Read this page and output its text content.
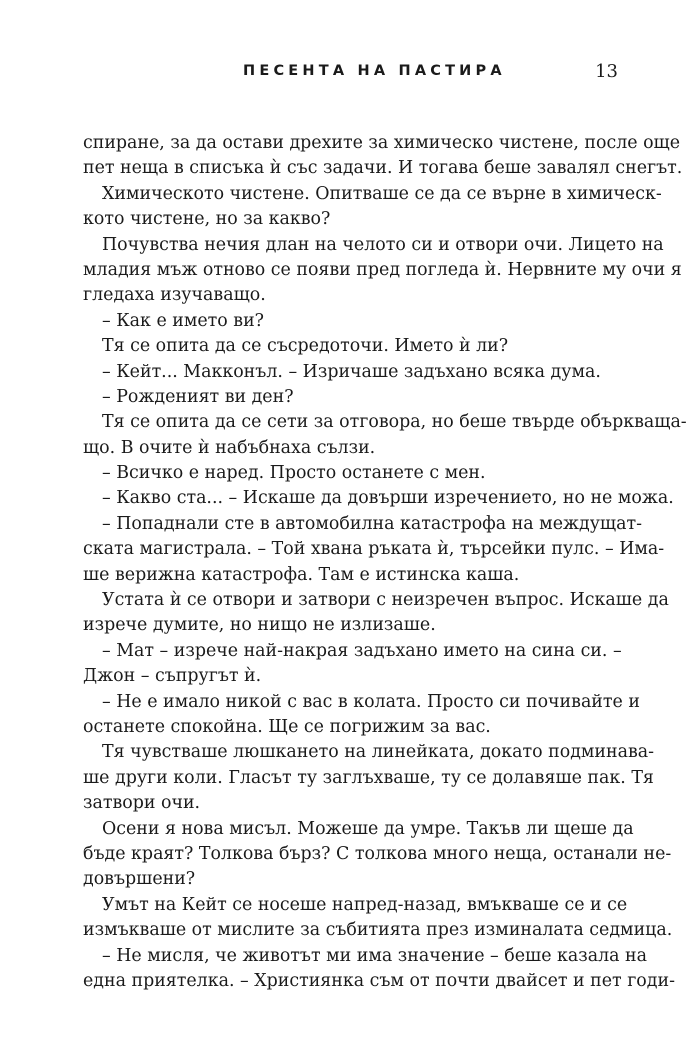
ПЕСЕНТА НА ПАСТИРА	13
спиране, за да остави дрехите за химическо чистене, после още
пет неща в списъка ѝ със задачи. И тогава беше завалял снегът.
Химическото чистене. Опитваше се да се върне в химическ-
кото чистене, но за какво?
Почувства нечия длан на челото си и отвори очи. Лицето на
младия мъж отново се появи пред погледа ѝ. Нервните му очи я
гледаха изучаващо.
– Как е името ви?
Тя се опита да се съсредоточи. Името ѝ ли?
– Кейт... Макконъл. – Изричаше задъхано всяка дума.
– Рожденият ви ден?
Тя се опита да се сети за отговора, но беше твърде объркваща-
що. В очите ѝ набъбнаха сълзи.
– Всичко е наред. Просто останете с мен.
– Какво ста... – Искаше да довърши изречението, но не можа.
– Попаднали сте в автомобилна катастрофа на междущат-
ската магистрала. – Той хвана ръката ѝ, търсейки пулс. – Има-
ше верижна катастрофа. Там е истинска каша.
Устата ѝ се отвори и затвори с неизречен въпрос. Искаше да
изрече думите, но нищо не излизаше.
– Мат – изрече най-накрая задъхано името на сина си. –
Джон – съпругът ѝ.
– Не е имало никой с вас в колата. Просто си почивайте и
останете спокойна. Ще се погрижим за вас.
Тя чувстваше люшкането на линейката, докато подминава-
ше други коли. Гласът ту заглъхваше, ту се долавяше пак. Тя
затвори очи.
Осени я нова мисъл. Можеше да умре. Такъв ли щеше да
бъде краят? Толкова бърз? С толкова много неща, останали не-
довършени?
Умът на Кейт се носеше напред-назад, вмъкваше се и се
измъкваше от мислите за събитията през изминалата седмица.
– Не мисля, че животът ми има значение – беше казала на
една приятелка. – Християнка съм от почти двайсет и пет годи-
